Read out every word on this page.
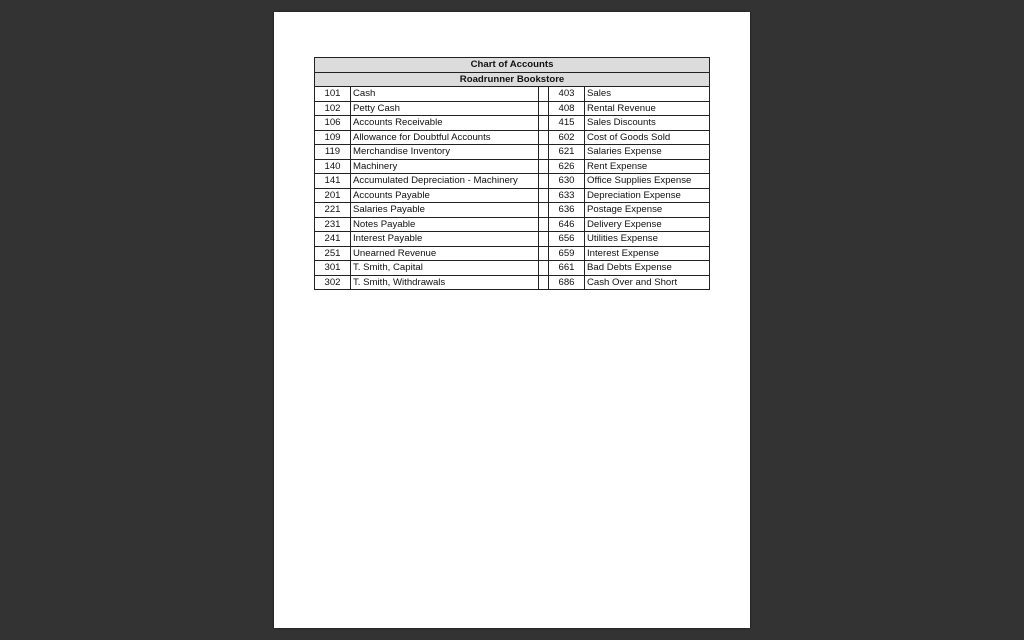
Chart of Accounts				
Roadrunner Bookstore				
101	Cash		403	Sales
102	Petty Cash		408	Rental Revenue
106	Accounts Receivable		415	Sales Discounts
109	Allowance for Doubtful Accounts		602	Cost of Goods Sold
119	Merchandise Inventory		621	Salaries Expense
140	Machinery		626	Rent Expense
141	Accumulated Depreciation - Machinery		630	Office Supplies Expense
201	Accounts Payable		633	Depreciation Expense
221	Salaries Payable		636	Postage Expense
231	Notes Payable		646	Delivery Expense
241	Interest Payable		656	Utilities Expense
251	Unearned Revenue		659	Interest Expense
301	T. Smith, Capital		661	Bad Debts Expense
302	T. Smith, Withdrawals		686	Cash Over and Short
